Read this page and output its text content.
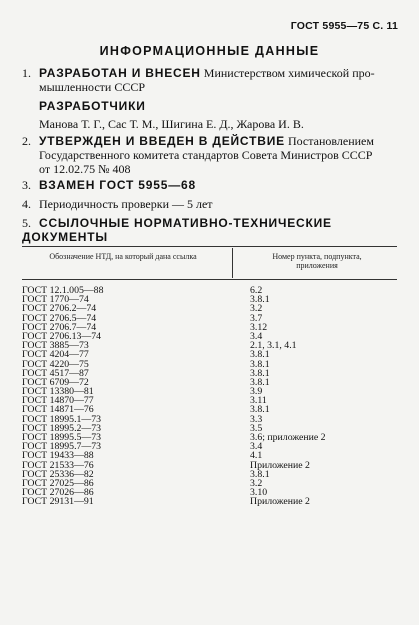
ГОСТ 5955—75 С. 11
ИНФОРМАЦИОННЫЕ ДАННЫЕ
1. РАЗРАБОТАН И ВНЕСЕН Министерством химической про-
мышленности СССР
РАЗРАБОТЧИКИ
Манова Т. Г., Сас Т. М., Шигина Е. Д., Жарова И. В.
2. УТВЕРЖДЕН И ВВЕДЕН В ДЕЙСТВИЕ Постановлением
Государственного комитета стандартов Совета Министров СССР
от 12.02.75 № 408
3. ВЗАМЕН ГОСТ 5955—68
4. Периодичность проверки — 5 лет
5. ССЫЛОЧНЫЕ НОРМАТИВНО-ТЕХНИЧЕСКИЕ ДОКУМЕНТЫ
Обозначение НТД, на который дана ссылка	Номер пункта, подпункта, приложения
ГОСТ 12.1.005—88	6.2
ГОСТ 1770—74	3.8.1
ГОСТ 2706.2—74	3.2
ГОСТ 2706.5—74	3.7
ГОСТ 2706.7—74	3.12
ГОСТ 2706.13—74	3.4
ГОСТ 3885—73	2.1, 3.1, 4.1
ГОСТ 4204—77	3.8.1
ГОСТ 4220—75	3.8.1
ГОСТ 4517—87	3.8.1
ГОСТ 6709—72	3.8.1
ГОСТ 13380—81	3.9
ГОСТ 14870—77	3.11
ГОСТ 14871—76	3.8.1
ГОСТ 18995.1—73	3.3
ГОСТ 18995.2—73	3.5
ГОСТ 18995.5—73	3.6; приложение 2
ГОСТ 18995.7—73	3.4
ГОСТ 19433—88	4.1
ГОСТ 21533—76	Приложение 2
ГОСТ 25336—82	3.8.1
ГОСТ 27025—86	3.2
ГОСТ 27026—86	3.10
ГОСТ 29131—91	Приложение 2
